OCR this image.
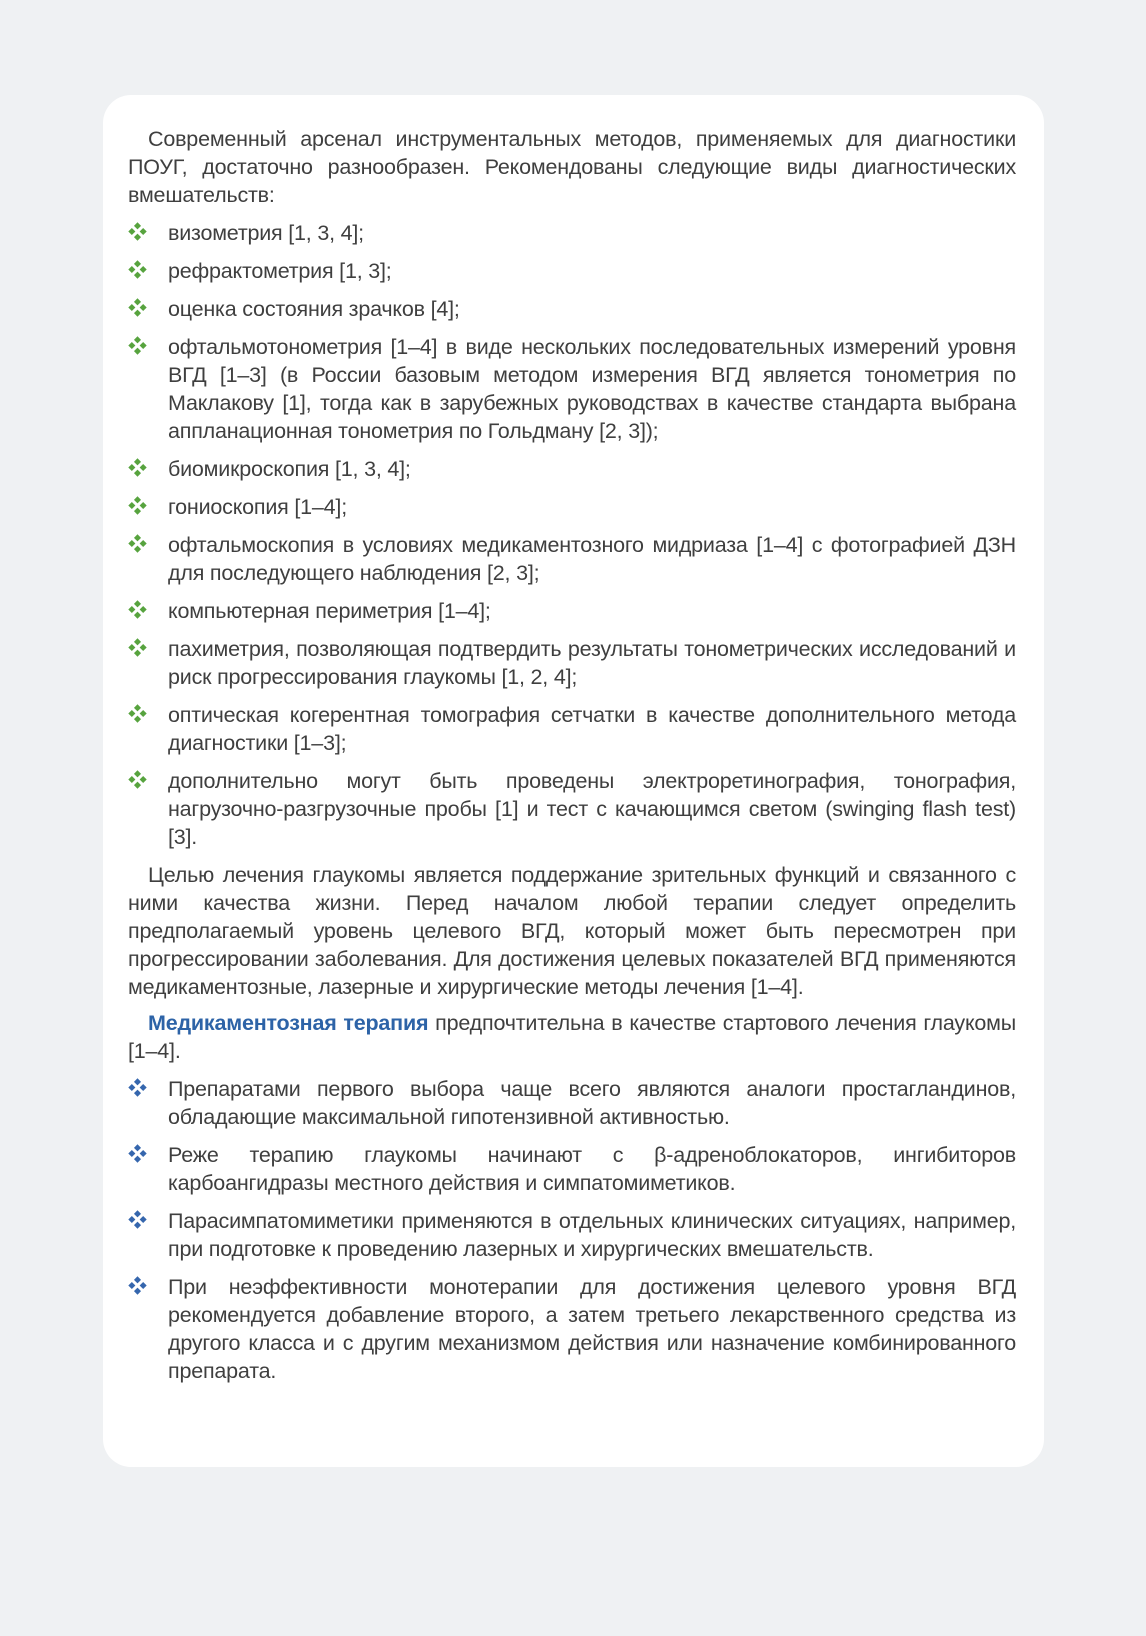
Современный арсенал инструментальных методов, применяемых для диагностики ПОУГ, достаточно разнообразен. Рекомендованы следующие виды диагностических вмешательств:

визометрия [1, 3, 4];
рефрактометрия [1, 3];
оценка состояния зрачков [4];
офтальмотонометрия [1–4] в виде нескольких последовательных измерений уровня ВГД [1–3] (в России базовым методом измерения ВГД является тонометрия по Маклакову [1], тогда как в зарубежных руководствах в качестве стандарта выбрана аппланационная тонометрия по Гольдману [2, 3]);
биомикроскопия [1, 3, 4];
гониоскопия [1–4];
офтальмоскопия в условиях медикаментозного мидриаза [1–4] с фотографией ДЗН для последующего наблюдения [2, 3];
компьютерная периметрия [1–4];
пахиметрия, позволяющая подтвердить результаты тонометрических исследований и риск прогрессирования глаукомы [1, 2, 4];
оптическая когерентная томография сетчатки в качестве дополнительного метода диагностики [1–3];
дополнительно могут быть проведены электроретинография, тонография, нагрузочно-разгрузочные пробы [1] и тест с качающимся светом (swinging flash test) [3].

Целью лечения глаукомы является поддержание зрительных функций и связанного с ними качества жизни. Перед началом любой терапии следует определить предполагаемый уровень целевого ВГД, который может быть пересмотрен при прогрессировании заболевания. Для достижения целевых показателей ВГД применяются медикаментозные, лазерные и хирургические методы лечения [1–4].

Медикаментозная терапия предпочтительна в качестве стартового лечения глаукомы [1–4].

Препаратами первого выбора чаще всего являются аналоги простагландинов, обладающие максимальной гипотензивной активностью.
Реже терапию глаукомы начинают с β-адреноблокаторов, ингибиторов карбоангидразы местного действия и симпатомиметиков.
Парасимпатомиметики применяются в отдельных клинических ситуациях, например, при подготовке к проведению лазерных и хирургических вмешательств.
При неэффективности монотерапии для достижения целевого уровня ВГД рекомендуется добавление второго, а затем третьего лекарственного средства из другого класса и с другим механизмом действия или назначение комбинированного препарата.
